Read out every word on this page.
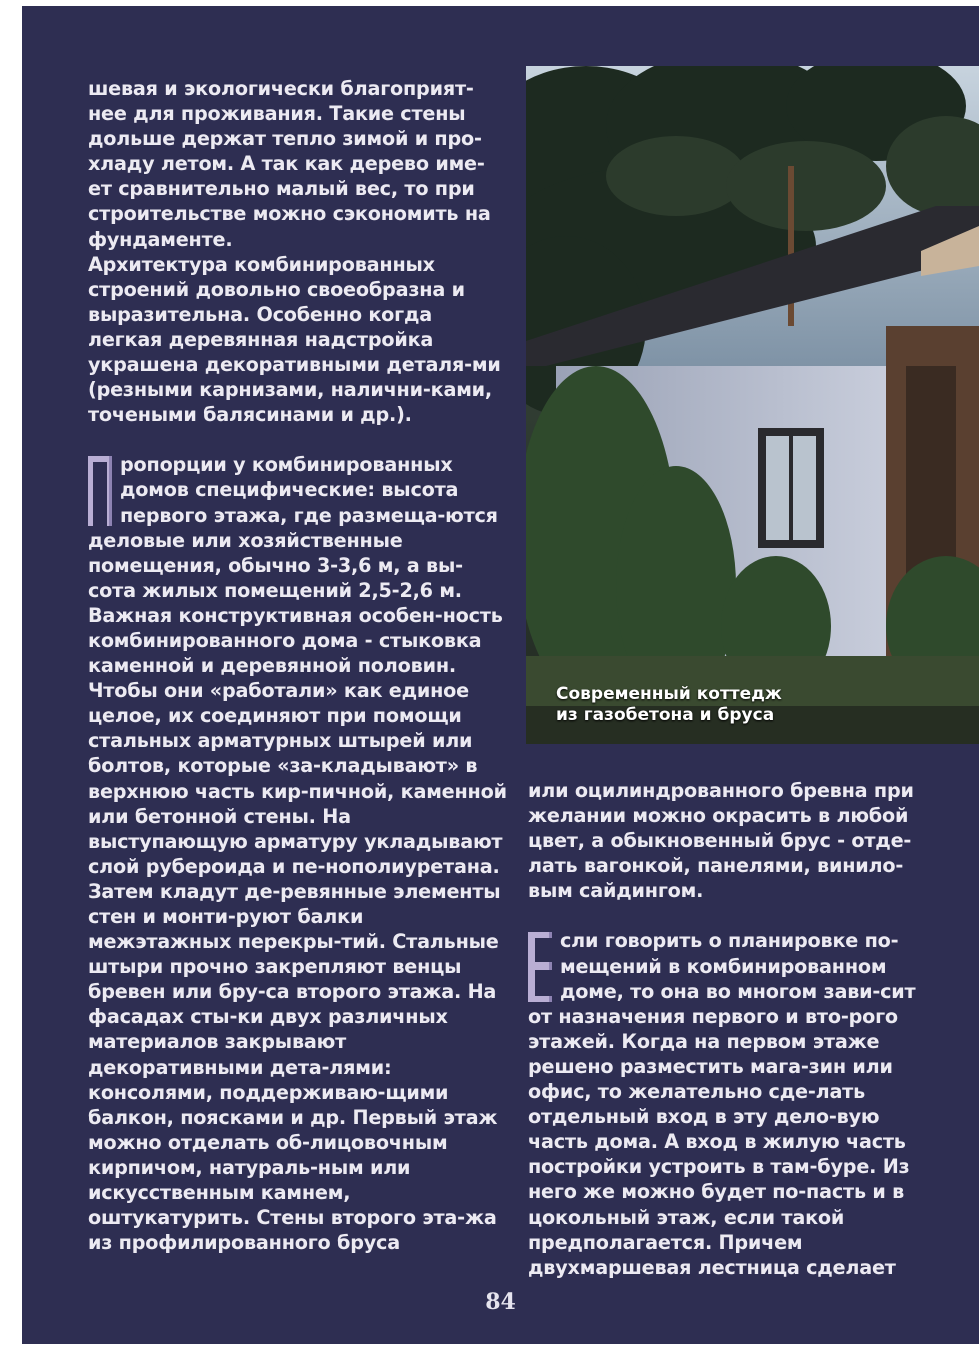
шевая и экологически благоприят-нее для проживания. Такие стены дольше держат тепло зимой и про-хладу летом. А так как дерево име-ет сравнительно малый вес, то при строительстве можно сэкономить на фундаменте.

Архитектура комбинированных строений довольно своеобразна и выразительна. Особенно когда легкая деревянная надстройка украшена декоративными деталя-ми (резными карнизами, налични-ками, точеными балясинами и др.).

ропорции у комбинированных домов специфические: высота первого этажа, где размеща-ются деловые или хозяйственные помещения, обычно 3-3,6 м, а вы-сота жилых помещений 2,5-2,6 м. Важная конструктивная особен-ность комбинированного дома - стыковка каменной и деревянной половин. Чтобы они «работали» как единое целое, их соединяют при помощи стальных арматурных штырей или болтов, которые «за-кладывают» в верхнюю часть кир-пичной, каменной или бетонной стены. На выступающую арматуру укладывают слой рубероида и пе-нополиуретана. Затем кладут де-ревянные элементы стен и монти-руют балки межэтажных перекры-тий. Стальные штыри прочно закрепляют венцы бревен или бру-са второго этажа. На фасадах сты-ки двух различных материалов закрывают декоративными дета-лями: консолями, поддерживаю-щими балкон, поясками и др. Первый этаж можно отделать об-лицовочным кирпичом, натураль-ным или искусственным камнем, оштукатурить. Стены второго эта-жа из профилированного бруса

Современный коттедж
из газобетона и бруса

или оцилиндрованного бревна при желании можно окрасить в любой цвет, а обыкновенный брус - отде-лать вагонкой, панелями, винило-вым сайдингом.

сли говорить о планировке по-мещений в комбинированном доме, то она во многом зави-сит от назначения первого и вто-рого этажей. Когда на первом этаже решено разместить мага-зин или офис, то желательно сде-лать отдельный вход в эту дело-вую часть дома. А вход в жилую часть постройки устроить в там-буре. Из него же можно будет по-пасть и в цокольный этаж, если такой предполагается. Причем двухмаршевая лестница сделает

84
